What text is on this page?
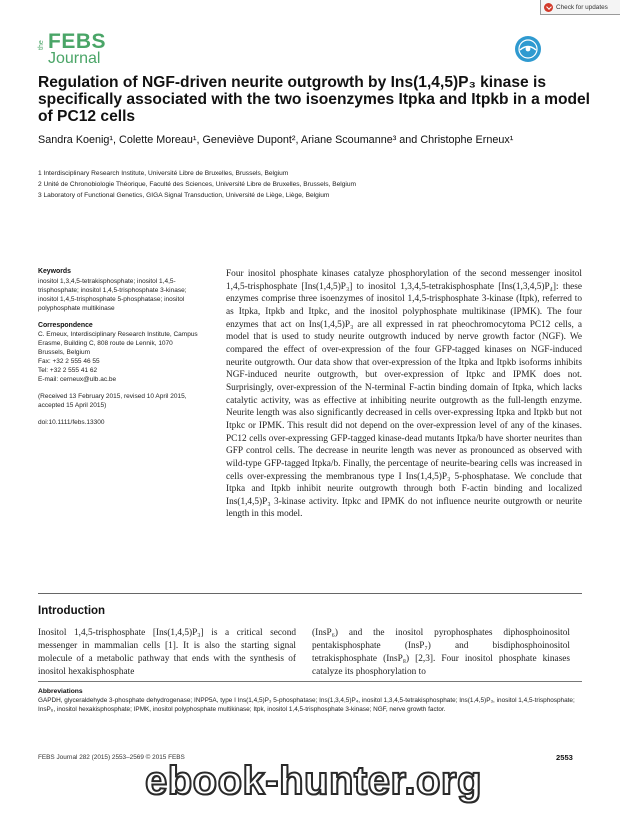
Check for updates
the FEBS
Journal
Regulation of NGF-driven neurite outgrowth by Ins(1,4,5)P₃ kinase is specifically associated with the two isoenzymes Itpka and Itpkb in a model of PC12 cells
Sandra Koenig¹, Colette Moreau¹, Geneviève Dupont², Ariane Scoumanne³ and Christophe Erneux¹
1 Interdisciplinary Research Institute, Université Libre de Bruxelles, Brussels, Belgium
2 Unité de Chronobiologie Théorique, Faculté des Sciences, Université Libre de Bruxelles, Brussels, Belgium
3 Laboratory of Functional Genetics, GIGA Signal Transduction, Université de Liège, Liège, Belgium
Keywords

inositol 1,3,4,5-tetrakisphosphate; inositol 1,4,5-trisphosphate; inositol 1,4,5-trisphosphate 3-kinase; inositol 1,4,5-trisphosphate 5-phosphatase; inositol polyphosphate multikinase

Correspondence

C. Erneux, Interdisciplinary Research Institute, Campus Erasme, Building C, 808 route de Lennik, 1070 Brussels, Belgium

Fax: +32 2 555 46 55

Tel: +32 2 555 41 62

E-mail: cerneux@ulb.ac.be

(Received 13 February 2015, revised 10 April 2015, accepted 15 April 2015)

doi:10.1111/febs.13300

Four inositol phosphate kinases catalyze phosphorylation of the second messenger inositol 1,4,5-trisphosphate [Ins(1,4,5)P₃] to inositol 1,3,4,5-tetrakisphosphate [Ins(1,3,4,5)P₄]: these enzymes comprise three isoenzymes of inositol 1,4,5-trisphosphate 3-kinase (Itpk), referred to as Itpka, Itpkb and Itpkc, and the inositol polyphosphate multikinase (IPMK). The four enzymes that act on Ins(1,4,5)P₃ are all expressed in rat pheochromocytoma PC12 cells, a model that is used to study neurite outgrowth induced by nerve growth factor (NGF). We compared the effect of over-expression of the four GFP-tagged kinases on NGF-induced neurite outgrowth. Our data show that over-expression of the Itpka and Itpkb isoforms inhibits NGF-induced neurite outgrowth, but over-expression of Itpkc and IPMK does not. Surprisingly, over-expression of the N-terminal F-actin binding domain of Itpka, which lacks catalytic activity, was as effective at inhibiting neurite outgrowth as the full-length enzyme. Neurite length was also significantly decreased in cells over-expressing Itpka and Itpkb but not Itpkc or IPMK. This result did not depend on the over-expression level of any of the kinases. PC12 cells over-expressing GFP-tagged kinase-dead mutants Itpka/b have shorter neurites than GFP control cells. The decrease in neurite length was never as pronounced as observed with wild-type GFP-tagged Itpka/b. Finally, the percentage of neurite-bearing cells was increased in cells over-expressing the membranous type I Ins(1,4,5)P₃ 5-phosphatase. We conclude that Itpka and Itpkb inhibit neurite outgrowth through both F-actin binding and localized Ins(1,4,5)P₃ 3-kinase activity. Itpkc and IPMK do not influence neurite outgrowth or neurite length in this model.

Introduction

Inositol 1,4,5-trisphosphate [Ins(1,4,5)P₃] is a critical second messenger in mammalian cells [1]. It is also the starting signal molecule of a metabolic pathway that ends with the synthesis of inositol hexakisphosphate

(InsP₆) and the inositol pyrophosphates diphosphoinositol pentakisphosphate (InsP₇) and bisdiphosphoinositol tetrakisphosphate (InsP₈) [2,3]. Four inositol phosphate kinases catalyze its phosphorylation to

Abbreviations

GAPDH, glyceraldehyde 3-phosphate dehydrogenase; INPP5A, type I Ins(1,4,5)P₃ 5-phosphatase; Ins(1,3,4,5)P₄, inositol 1,3,4,5-tetrakisphosphate; Ins(1,4,5)P₃, inositol 1,4,5-trisphosphate; InsP₆, inositol hexakisphosphate; IPMK, inositol polyphosphate multikinase; Itpk, inositol 1,4,5-trisphosphate 3-kinase; NGF, nerve growth factor.

FEBS Journal 282 (2015) 2553–2569 © 2015 FEBS	2553
ebook-hunter.org
